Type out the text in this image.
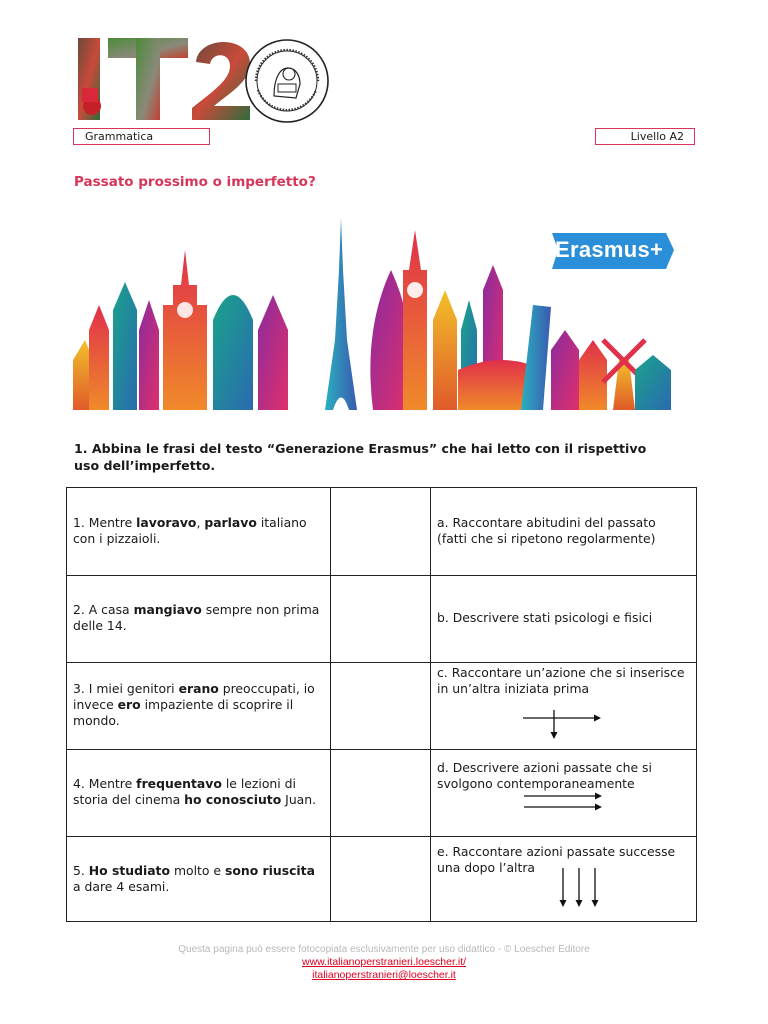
Grammatica	Livello A2
Passato prossimo o imperfetto?
Erasmus+
1. Abbina le frasi del testo “Generazione Erasmus” che hai letto con il rispettivo uso dell’imperfetto.
1. Mentre lavoravo, parlavo italiano con i pizzaioli.
2. A casa mangiavo sempre non prima delle 14.
3. I miei genitori erano preoccupati, io invece ero impaziente di scoprire il mondo.
4. Mentre frequentavo le lezioni di storia del cinema ho conosciuto Juan.
5. Ho studiato molto e sono riuscita a dare 4 esami.
a. Raccontare abitudini del passato (fatti che si ripetono regolarmente)
b. Descrivere stati psicologi e fisici
c. Raccontare un’azione che si inserisce in un’altra iniziata prima
d. Descrivere azioni passate che si svolgono contemporaneamente
e. Raccontare azioni passate successe una dopo l’altra
Questa pagina può essere fotocopiata esclusivamente per uso didattico - © Loescher Editore
www.italianoperstranieri.loescher.it/
italianoperstranieri@loescher.it
